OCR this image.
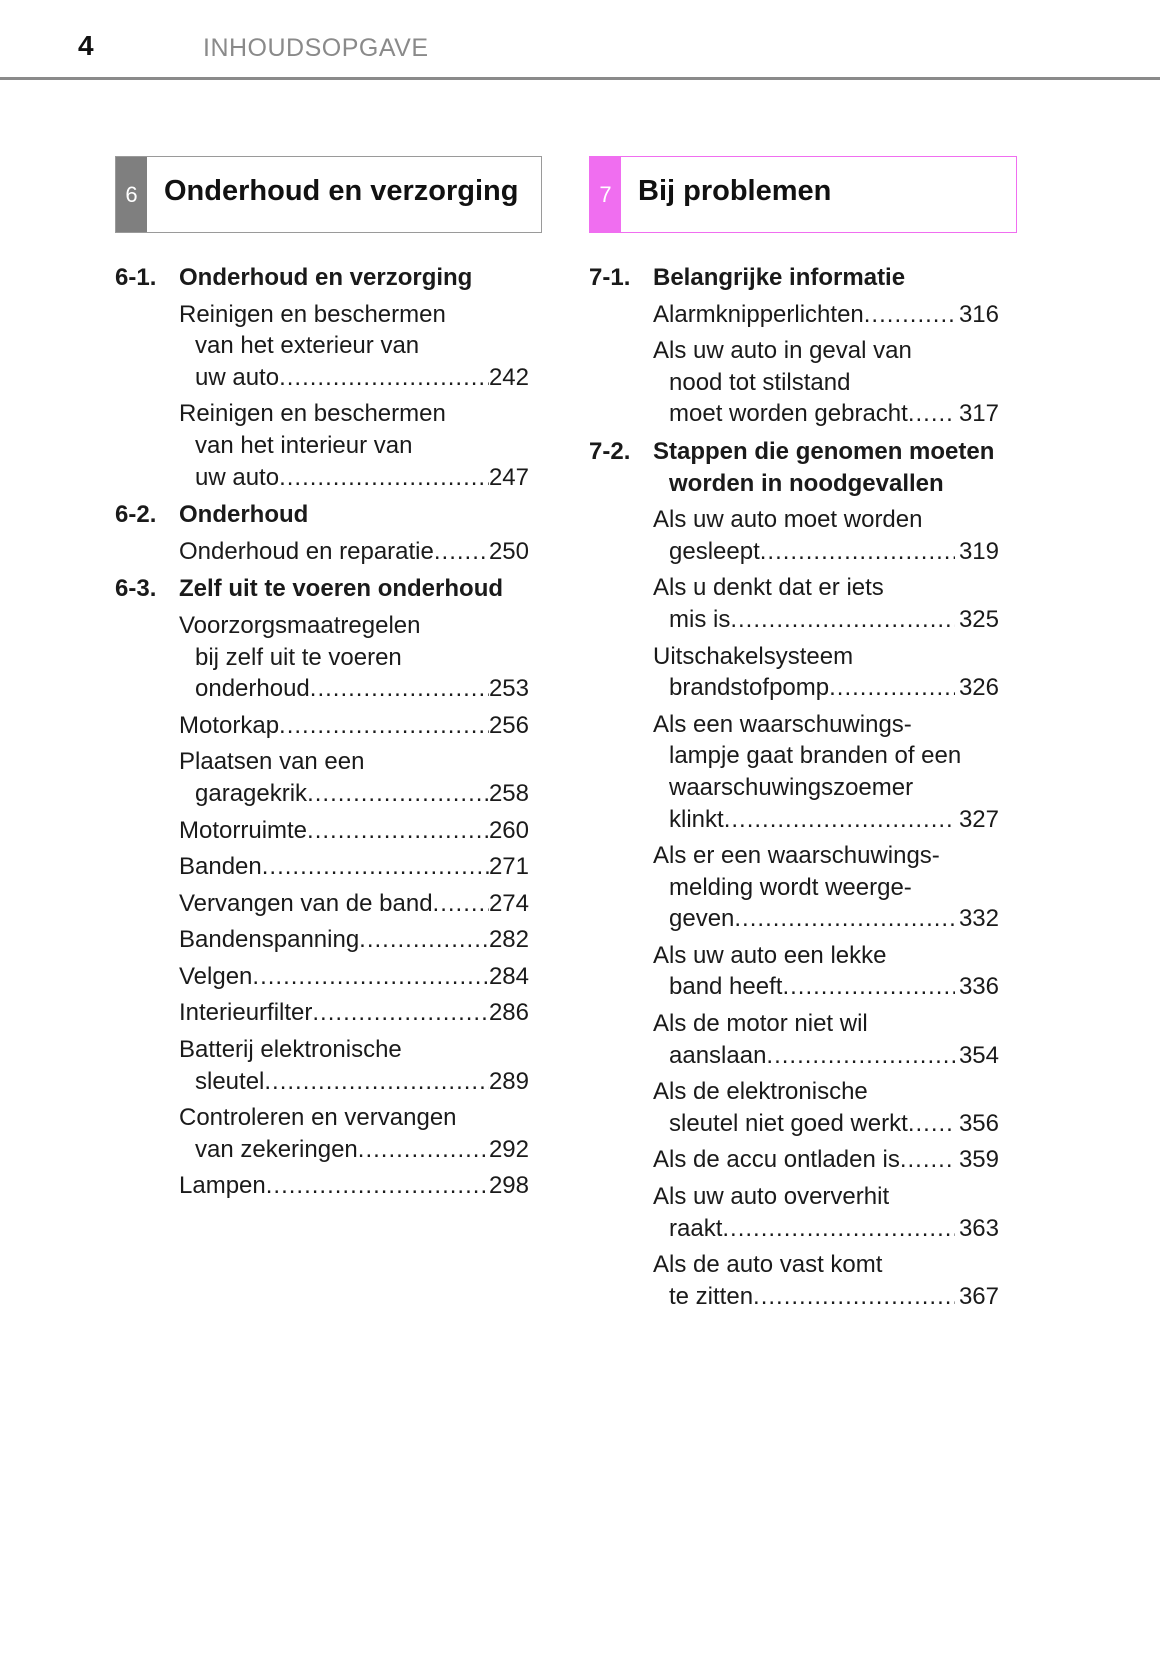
4	INHOUDSOPGAVE
6 Onderhoud en verzorging	7 Bij problemen
6-1. Onderhoud en verzorging
Reinigen en beschermen
van het exterieur van
uw auto .....	242
Reinigen en beschermen
van het interieur van
uw auto .....	247
6-2. Onderhoud
Onderhoud en reparatie ..... 250
6-3. Zelf uit te voeren onderhoud
Voorzorgsmaatregelen
bij zelf uit te voeren
onderhoud .....	253
Motorkap .....	256
Plaatsen van een
garagekrik .....	258
Motorruimte .....	260
Banden .....	271
Vervangen van de band ..... 274
Bandenspanning .....	282
Velgen .....	284
Interieurfilter .....	286
Batterij elektronische
sleutel .....	289
Controleren en vervangen
van zekeringen .....	292
Lampen .....	298
7-1. Belangrijke informatie
Alarmknipperlichten .....	316
Als uw auto in geval van
nood tot stilstand
moet worden gebracht ..... 317
7-2. Stappen die genomen moeten
worden in noodgevallen
Als uw auto moet worden
gesleept .....	319
Als u denkt dat er iets
mis is .....	325
Uitschakelsysteem
brandstofpomp .....	326
Als een waarschuwings-
lampje gaat branden of een
waarschuwingszoemer
klinkt .....	327
Als er een waarschuwings-
melding wordt weerge-
geven .....	332
Als uw auto een lekke
band heeft .....	336
Als de motor niet wil
aanslaan .....	354
Als de elektronische
sleutel niet goed werkt ..... 356
Als de accu ontladen is ..... 359
Als uw auto oververhit
raakt .....	363
Als de auto vast komt
te zitten .....	367
